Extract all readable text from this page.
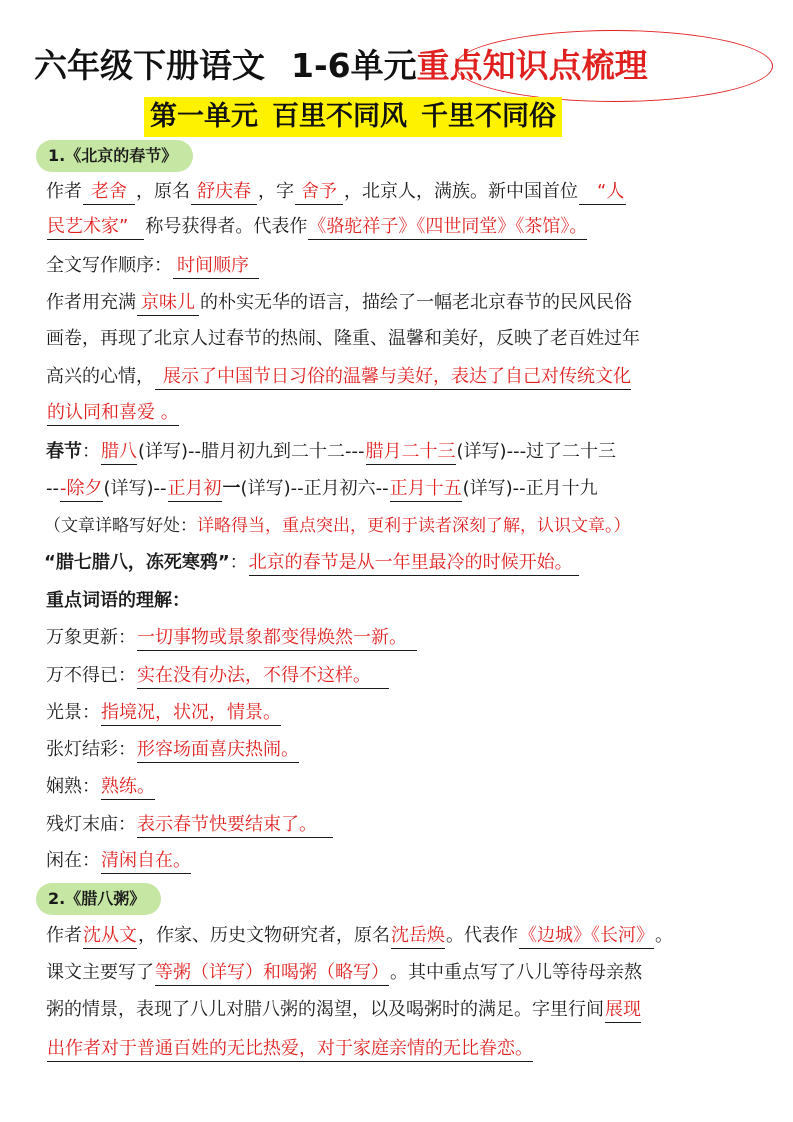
六年级下册语文 1-6单元重点知识点梳理
第一单元 百里不同风 千里不同俗
1.《北京的春节》
作者 老舍 ，原名 舒庆春 ，字 舍予 ，北京人，满族。新中国首位 “人
民艺术家” 称号获得者。代表作《骆驼祥子》《四世同堂》《茶馆》。
全文写作顺序： 时间顺序
作者用充满 京味儿 的朴实无华的语言，描绘了一幅老北京春节的民风民俗
画卷，再现了北京人过春节的热闹、隆重、温馨和美好，反映了老百姓过年
高兴的心情， 展示了中国节日习俗的温馨与美好，表达了自己对传统文化
的认同和喜爱 。
春节：腊八(详写)--腊月初九到二十二---腊月二十三(详写)---过了二十三
---除夕(详写)--正月初一(详写)--正月初六--正月十五(详写)--正月十九
（文章详略写好处：详略得当，重点突出，更利于读者深刻了解，认识文章。）
“腊七腊八，冻死寒鸦”：北京的春节是从一年里最冷的时候开始。
重点词语的理解：
万象更新：一切事物或景象都变得焕然一新。
万不得已：实在没有办法，不得不这样。
光景：指境况，状况，情景。
张灯结彩：形容场面喜庆热闹。
娴熟：熟练。
残灯末庙：表示春节快要结束了。
闲在：清闲自在。
2.《腊八粥》
作者沈从文，作家、历史文物研究者，原名沈岳焕。代表作《边城》《长河》。
课文主要写了等粥（详写）和喝粥（略写）。其中重点写了八儿等待母亲熬
粥的情景，表现了八儿对腊八粥的渴望，以及喝粥时的满足。字里行间展现
出作者对于普通百姓的无比热爱，对于家庭亲情的无比眷恋。
